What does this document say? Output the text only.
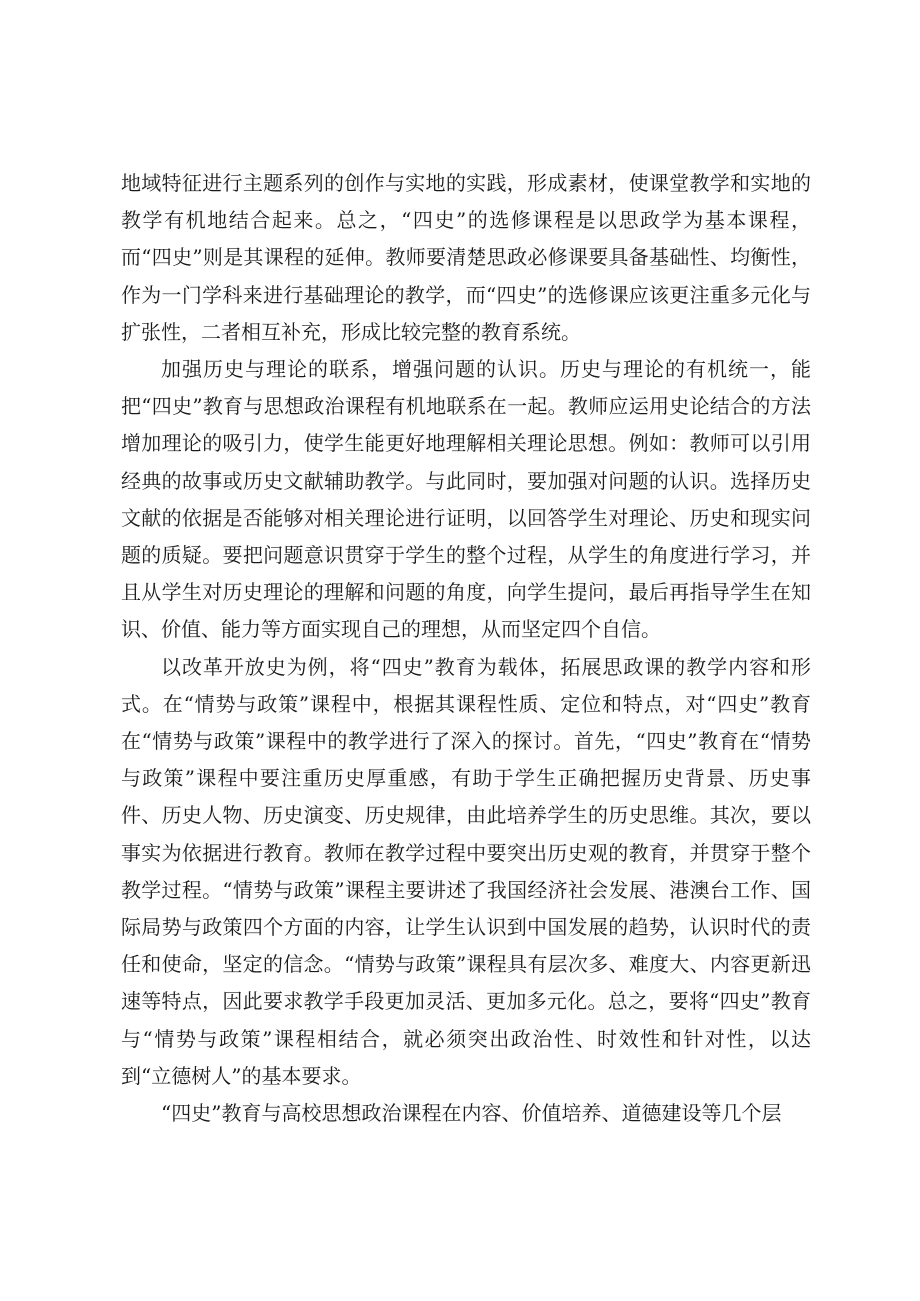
地域特征进行主题系列的创作与实地的实践，形成素材，使课堂教学和实地的教学有机地结合起来。总之，“四史”的选修课程是以思政学为基本课程，而“四史”则是其课程的延伸。教师要清楚思政必修课要具备基础性、均衡性，作为一门学科来进行基础理论的教学，而“四史”的选修课应该更注重多元化与扩张性，二者相互补充，形成比较完整的教育系统。

加强历史与理论的联系，增强问题的认识。历史与理论的有机统一，能把“四史”教育与思想政治课程有机地联系在一起。教师应运用史论结合的方法增加理论的吸引力，使学生能更好地理解相关理论思想。例如：教师可以引用经典的故事或历史文献辅助教学。与此同时，要加强对问题的认识。选择历史文献的依据是否能够对相关理论进行证明，以回答学生对理论、历史和现实问题的质疑。要把问题意识贯穿于学生的整个过程，从学生的角度进行学习，并且从学生对历史理论的理解和问题的角度，向学生提问，最后再指导学生在知识、价值、能力等方面实现自己的理想，从而坚定四个自信。

以改革开放史为例，将“四史”教育为载体，拓展思政课的教学内容和形式。在“情势与政策”课程中，根据其课程性质、定位和特点，对“四史”教育在“情势与政策”课程中的教学进行了深入的探讨。首先，“四史”教育在“情势与政策”课程中要注重历史厚重感，有助于学生正确把握历史背景、历史事件、历史人物、历史演变、历史规律，由此培养学生的历史思维。其次，要以事实为依据进行教育。教师在教学过程中要突出历史观的教育，并贯穿于整个教学过程。“情势与政策”课程主要讲述了我国经济社会发展、港澳台工作、国际局势与政策四个方面的内容，让学生认识到中国发展的趋势，认识时代的责任和使命，坚定的信念。“情势与政策”课程具有层次多、难度大、内容更新迅速等特点，因此要求教学手段更加灵活、更加多元化。总之，要将“四史”教育与“情势与政策”课程相结合，就必须突出政治性、时效性和针对性，以达到“立德树人”的基本要求。

“四史”教育与高校思想政治课程在内容、价值培养、道德建设等几个层
